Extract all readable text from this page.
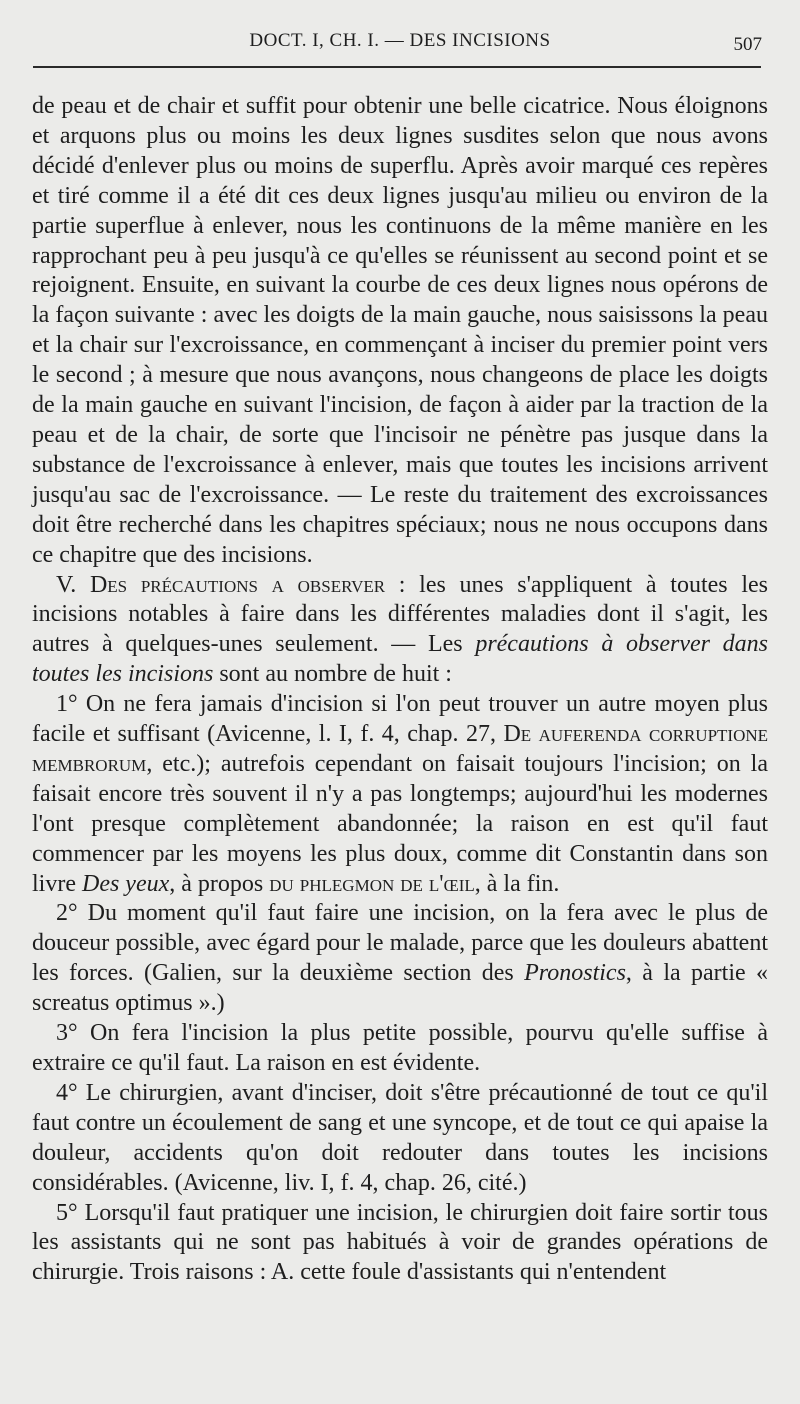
DOCT. I, CH. I. — DES INCISIONS	507

de peau et de chair et suffit pour obtenir une belle cicatrice. Nous éloignons et arquons plus ou moins les deux lignes susdites selon que nous avons décidé d'enlever plus ou moins de superflu. Après avoir marqué ces repères et tiré comme il a été dit ces deux lignes jusqu'au milieu ou environ de la partie superflue à enlever, nous les continuons de la même manière en les rapprochant peu à peu jusqu'à ce qu'elles se réunissent au second point et se rejoignent. Ensuite, en suivant la courbe de ces deux lignes nous opérons de la façon suivante : avec les doigts de la main gauche, nous saisissons la peau et la chair sur l'excroissance, en commençant à inciser du premier point vers le second ; à mesure que nous avançons, nous changeons de place les doigts de la main gauche en suivant l'incision, de façon à aider par la traction de la peau et de la chair, de sorte que l'incisoir ne pénètre pas jusque dans la substance de l'excroissance à enlever, mais que toutes les incisions arrivent jusqu'au sac de l'excroissance. — Le reste du traitement des excroissances doit être recherché dans les chapitres spéciaux; nous ne nous occupons dans ce chapitre que des incisions.

V. Des précautions a observer : les unes s'appliquent à toutes les incisions notables à faire dans les différentes maladies dont il s'agit, les autres à quelques-unes seulement. — Les précautions à observer dans toutes les incisions sont au nombre de huit :

1° On ne fera jamais d'incision si l'on peut trouver un autre moyen plus facile et suffisant (Avicenne, l. I, f. 4, chap. 27, De auferenda corruptione membrorum, etc.); autrefois cependant on faisait toujours l'incision; on la faisait encore très souvent il n'y a pas longtemps; aujourd'hui les modernes l'ont presque complètement abandonnée; la raison en est qu'il faut commencer par les moyens les plus doux, comme dit Constantin dans son livre Des yeux, à propos du phlegmon de l'œil, à la fin.

2° Du moment qu'il faut faire une incision, on la fera avec le plus de douceur possible, avec égard pour le malade, parce que les douleurs abattent les forces. (Galien, sur la deuxième section des Pronostics, à la partie « screatus optimus ».)

3° On fera l'incision la plus petite possible, pourvu qu'elle suffise à extraire ce qu'il faut. La raison en est évidente.

4° Le chirurgien, avant d'inciser, doit s'être précautionné de tout ce qu'il faut contre un écoulement de sang et une syncope, et de tout ce qui apaise la douleur, accidents qu'on doit redouter dans toutes les incisions considérables. (Avicenne, liv. I, f. 4, chap. 26, cité.)

5° Lorsqu'il faut pratiquer une incision, le chirurgien doit faire sortir tous les assistants qui ne sont pas habitués à voir de grandes opérations de chirurgie. Trois raisons : A. cette foule d'assistants qui n'entendent
